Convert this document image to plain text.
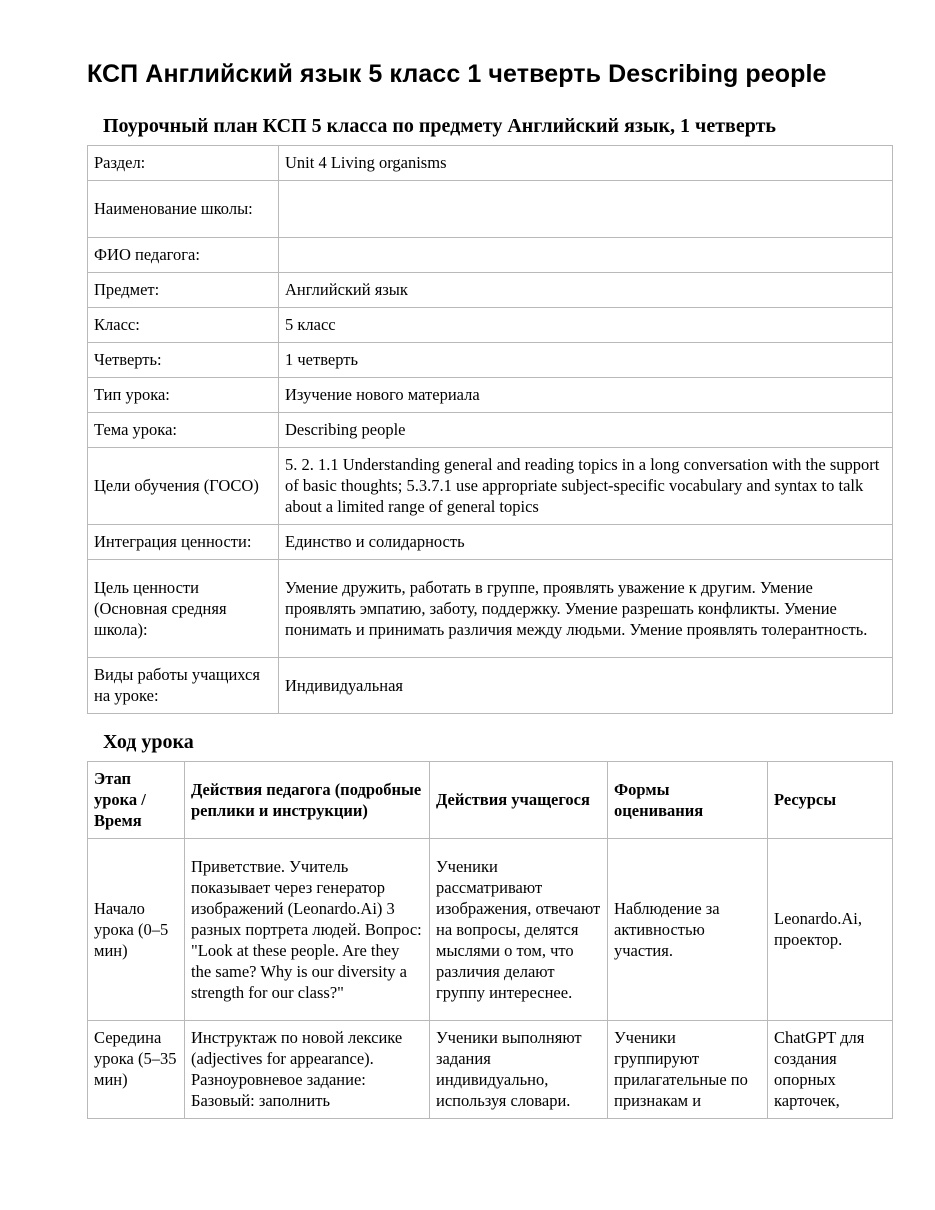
КСП Английский язык 5 класс 1 четверть Describing people
Поурочный план КСП 5 класса по предмету Английский язык, 1 четверть
Раздел:	Unit 4 Living organisms
Наименование школы:	
ФИО педагога:	
Предмет:	Английский язык
Класс:	5 класс
Четверть:	1 четверть
Тип урока:	Изучение нового материала
Тема урока:	Describing people
Цели обучения (ГОСО)	5. 2. 1.1 Understanding general and reading topics in a long conversation with the support of basic thoughts; 5.3.7.1 use appropriate subject-specific vocabulary and syntax to talk about a limited range of general topics
Интеграция ценности:	Единство и солидарность
Цель ценности (Основная средняя школа):	Умение дружить, работать в группе, проявлять уважение к другим. Умение проявлять эмпатию, заботу, поддержку. Умение разрешать конфликты. Умение понимать и принимать различия между людьми. Умение проявлять толерантность.
Виды работы учащихся на уроке:	Индивидуальная
Ход урока
Этап урока / Время	Действия педагога (подробные реплики и инструкции)	Действия учащегося	Формы оценивания	Ресурсы
Начало урока (0–5 мин)	Приветствие. Учитель показывает через генератор изображений (Leonardo.Ai) 3 разных портрета людей. Вопрос: "Look at these people. Are they the same? Why is our diversity a strength for our class?"	Ученики рассматривают изображения, отвечают на вопросы, делятся мыслями о том, что различия делают группу интереснее.	Наблюдение за активностью участия.	Leonardo.Ai, проектор.
Середина урока (5–35 мин)	Инструктаж по новой лексике (adjectives for appearance). Разноуровневое задание: Базовый: заполнить	Ученики выполняют задания индивидуально, используя словари.	Ученики группируют прилагательные по признакам и	ChatGPT для создания опорных карточек,
